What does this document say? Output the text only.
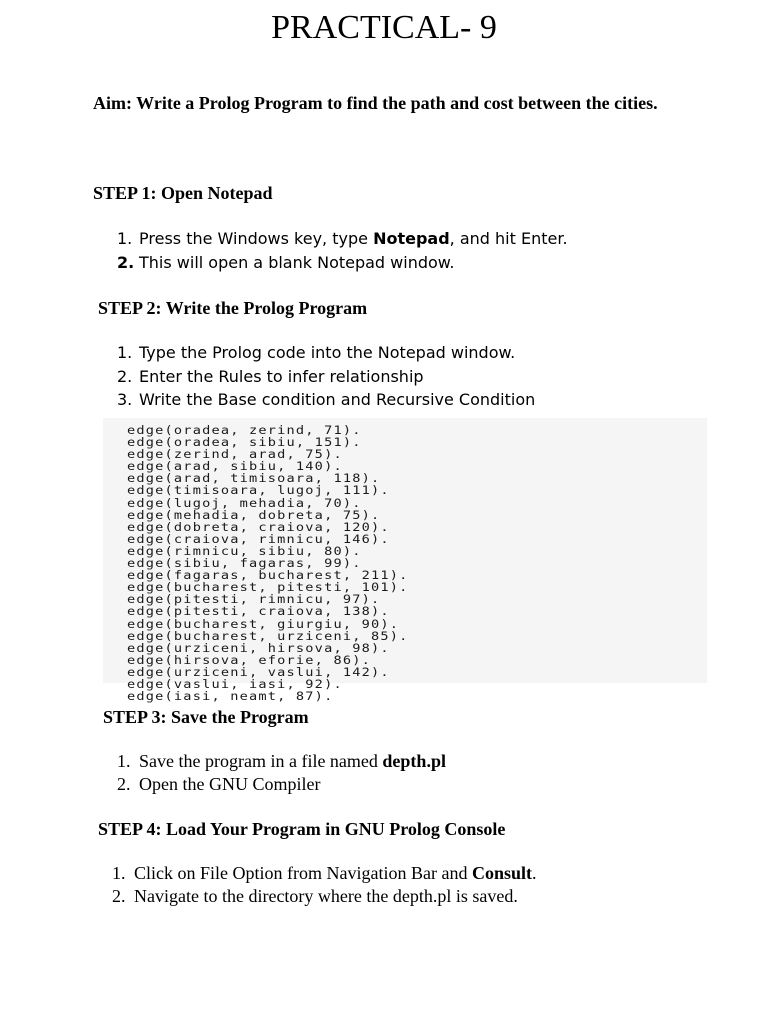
PRACTICAL- 9
Aim: Write a Prolog Program to find the path and cost between the cities.
STEP 1: Open Notepad
1. Press the Windows key, type Notepad, and hit Enter.
2. This will open a blank Notepad window.
STEP 2: Write the Prolog Program
1. Type the Prolog code into the Notepad window.
2. Enter the Rules to infer relationship
3. Write the Base condition and Recursive Condition
edge(oradea, zerind, 71).
edge(oradea, sibiu, 151).
edge(zerind, arad, 75).
edge(arad, sibiu, 140).
edge(arad, timisoara, 118).
edge(timisoara, lugoj, 111).
edge(lugoj, mehadia, 70).
edge(mehadia, dobreta, 75).
edge(dobreta, craiova, 120).
edge(craiova, rimnicu, 146).
edge(rimnicu, sibiu, 80).
edge(sibiu, fagaras, 99).
edge(fagaras, bucharest, 211).
edge(bucharest, pitesti, 101).
edge(pitesti, rimnicu, 97).
edge(pitesti, craiova, 138).
edge(bucharest, giurgiu, 90).
edge(bucharest, urziceni, 85).
edge(urziceni, hirsova, 98).
edge(hirsova, eforie, 86).
edge(urziceni, vaslui, 142).
edge(vaslui, iasi, 92).
edge(iasi, neamt, 87).
STEP 3: Save the Program
1. Save the program in a file named depth.pl
2. Open the GNU Compiler
STEP 4: Load Your Program in GNU Prolog Console
1. Click on File Option from Navigation Bar and Consult.
2. Navigate to the directory where the depth.pl is saved.
